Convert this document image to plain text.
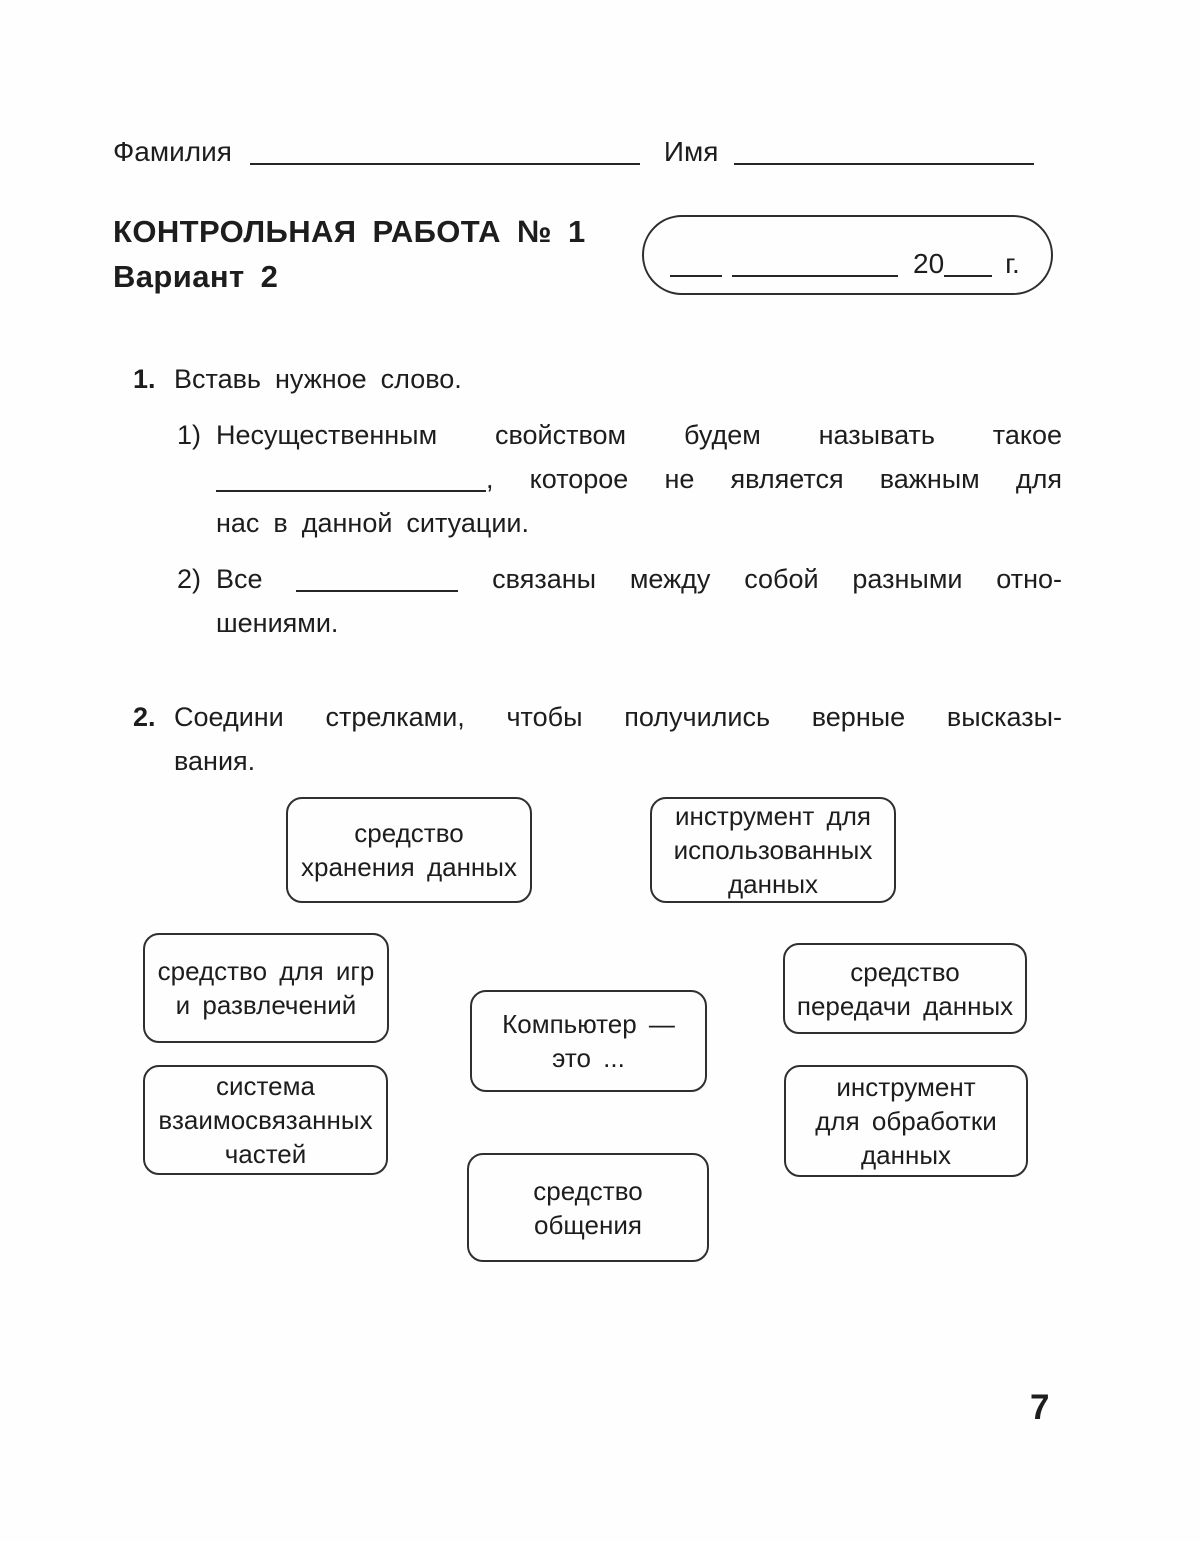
Фамилия	Имя
КОНТРОЛЬНАЯ РАБОТА № 1
Вариант 2	20 г.
1. Вставь нужное слово.
1) Несущественным свойством будем называть такое
, которое не является важным для
нас в данной ситуации.
2) Все	связаны между собой разными отно-
шениями.
2. Соедини стрелками, чтобы получились верные высказы-
вания.
средство
хранения данных
инструмент для
использованных
данных
средство для игр
и развлечений
средство
передачи данных
Компьютер —
это ...
система
взаимосвязанных
частей
инструмент
для обработки
данных
средство
общения
7
